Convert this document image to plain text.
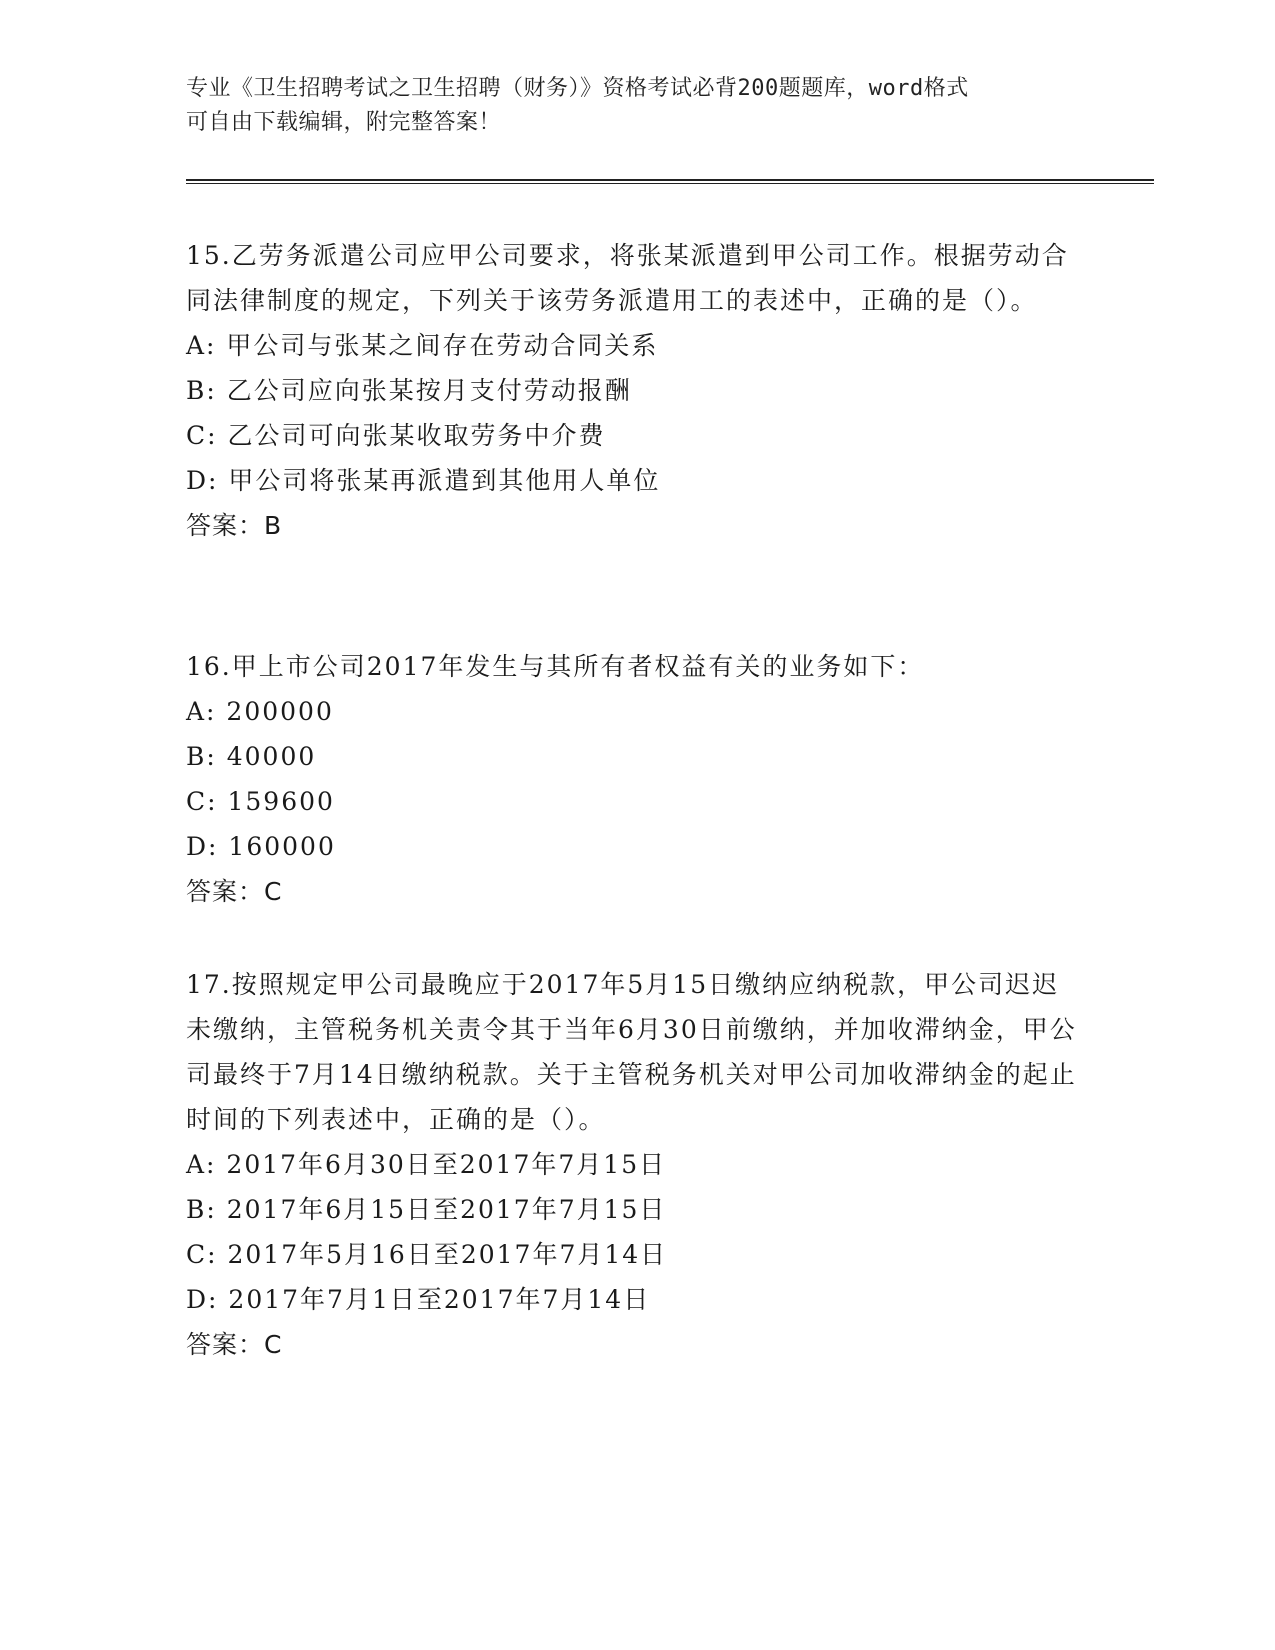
专业《卫生招聘考试之卫生招聘（财务）》资格考试必背200题题库，word格式
可自由下载编辑，附完整答案！

15.乙劳务派遣公司应甲公司要求，将张某派遣到甲公司工作。根据劳动合同法律制度的规定，下列关于该劳务派遣用工的表述中，正确的是（）。

A: 甲公司与张某之间存在劳动合同关系

B: 乙公司应向张某按月支付劳动报酬

C: 乙公司可向张某收取劳务中介费

D: 甲公司将张某再派遣到其他用人单位

答案：B

16.甲上市公司2017年发生与其所有者权益有关的业务如下：

A: 200000

B: 40000

C: 159600

D: 160000

答案：C

17.按照规定甲公司最晚应于2017年5月15日缴纳应纳税款，甲公司迟迟未缴纳，主管税务机关责令其于当年6月30日前缴纳，并加收滞纳金，甲公司最终于7月14日缴纳税款。关于主管税务机关对甲公司加收滞纳金的起止时间的下列表述中，正确的是（）。

A: 2017年6月30日至2017年7月15日

B: 2017年6月15日至2017年7月15日

C: 2017年5月16日至2017年7月14日

D: 2017年7月1日至2017年7月14日

答案：C
